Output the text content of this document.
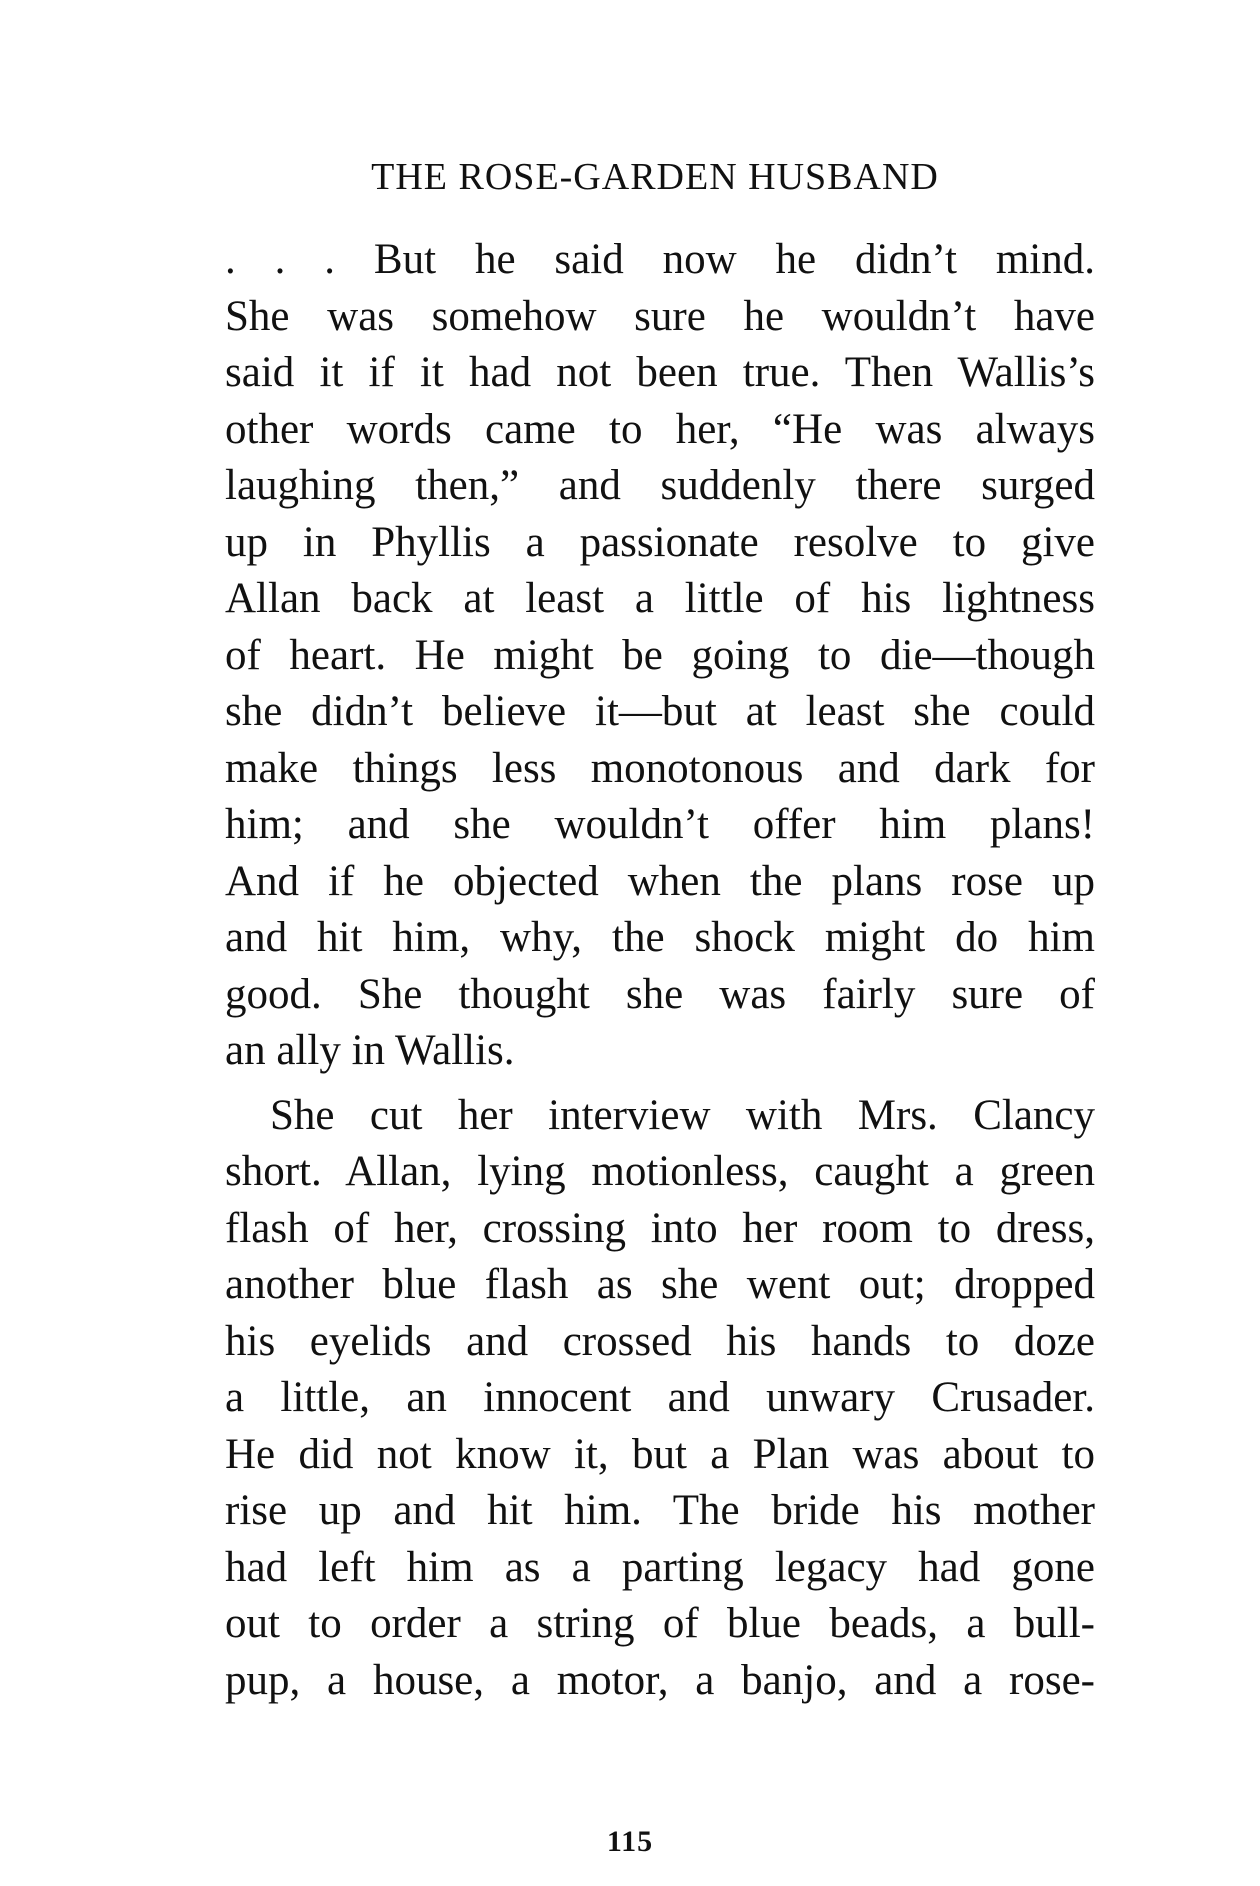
THE ROSE-GARDEN HUSBAND
. . . But he said now he didn’t mind.
She was somehow sure he wouldn’t have
said it if it had not been true. Then Wallis’s
other words came to her, “He was always
laughing then,” and suddenly there surged
up in Phyllis a passionate resolve to give
Allan back at least a little of his lightness
of heart. He might be going to die—though
she didn’t believe it—but at least she could
make things less monotonous and dark for
him; and she wouldn’t offer him plans!
And if he objected when the plans rose up
and hit him, why, the shock might do him
good. She thought she was fairly sure of
an ally in Wallis.
She cut her interview with Mrs. Clancy
short. Allan, lying motionless, caught a green
flash of her, crossing into her room to dress,
another blue flash as she went out; dropped
his eyelids and crossed his hands to doze
a little, an innocent and unwary Crusader.
He did not know it, but a Plan was about to
rise up and hit him. The bride his mother
had left him as a parting legacy had gone
out to order a string of blue beads, a bull-
pup, a house, a motor, a banjo, and a rose-
115
